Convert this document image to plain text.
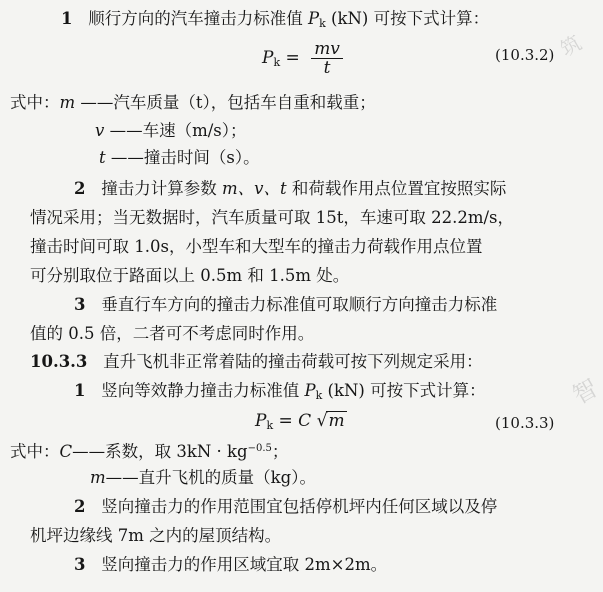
1 顺行方向的汽车撞击力标准值 $P_k$ (kN) 可按下式计算：
$P_k = \frac{mv}{t}$	(10.3.2)
式中：m ——汽车质量（t），包括车自重和载重；
v ——车速（m/s）；
t ——撞击时间（s）。
2 撞击力计算参数 m、v、t 和荷载作用点位置宜按照实际
情况采用；当无数据时，汽车质量可取 15t，车速可取 22.2m/s，
撞击时间可取 1.0s，小型车和大型车的撞击力荷载作用点位置
可分别取位于路面以上 0.5m 和 1.5m 处。
3 垂直行车方向的撞击力标准值可取顺行方向撞击力标准
值的 0.5 倍，二者可不考虑同时作用。
10.3.3 直升飞机非正常着陆的撞击荷载可按下列规定采用：
1 竖向等效静力撞击力标准值 $P_k$ (kN) 可按下式计算：
$P_k = C$ √m	(10.3.3)
式中：C——系数，取 $3kN \cdot kg^{-0.5}$；
m——直升飞机的质量（kg）。
2 竖向撞击力的作用范围宜包括停机坪内任何区域以及停
机坪边缘线 7m 之内的屋顶结构。
3 竖向撞击力的作用区域宜取 2m×2m。
智
筑
